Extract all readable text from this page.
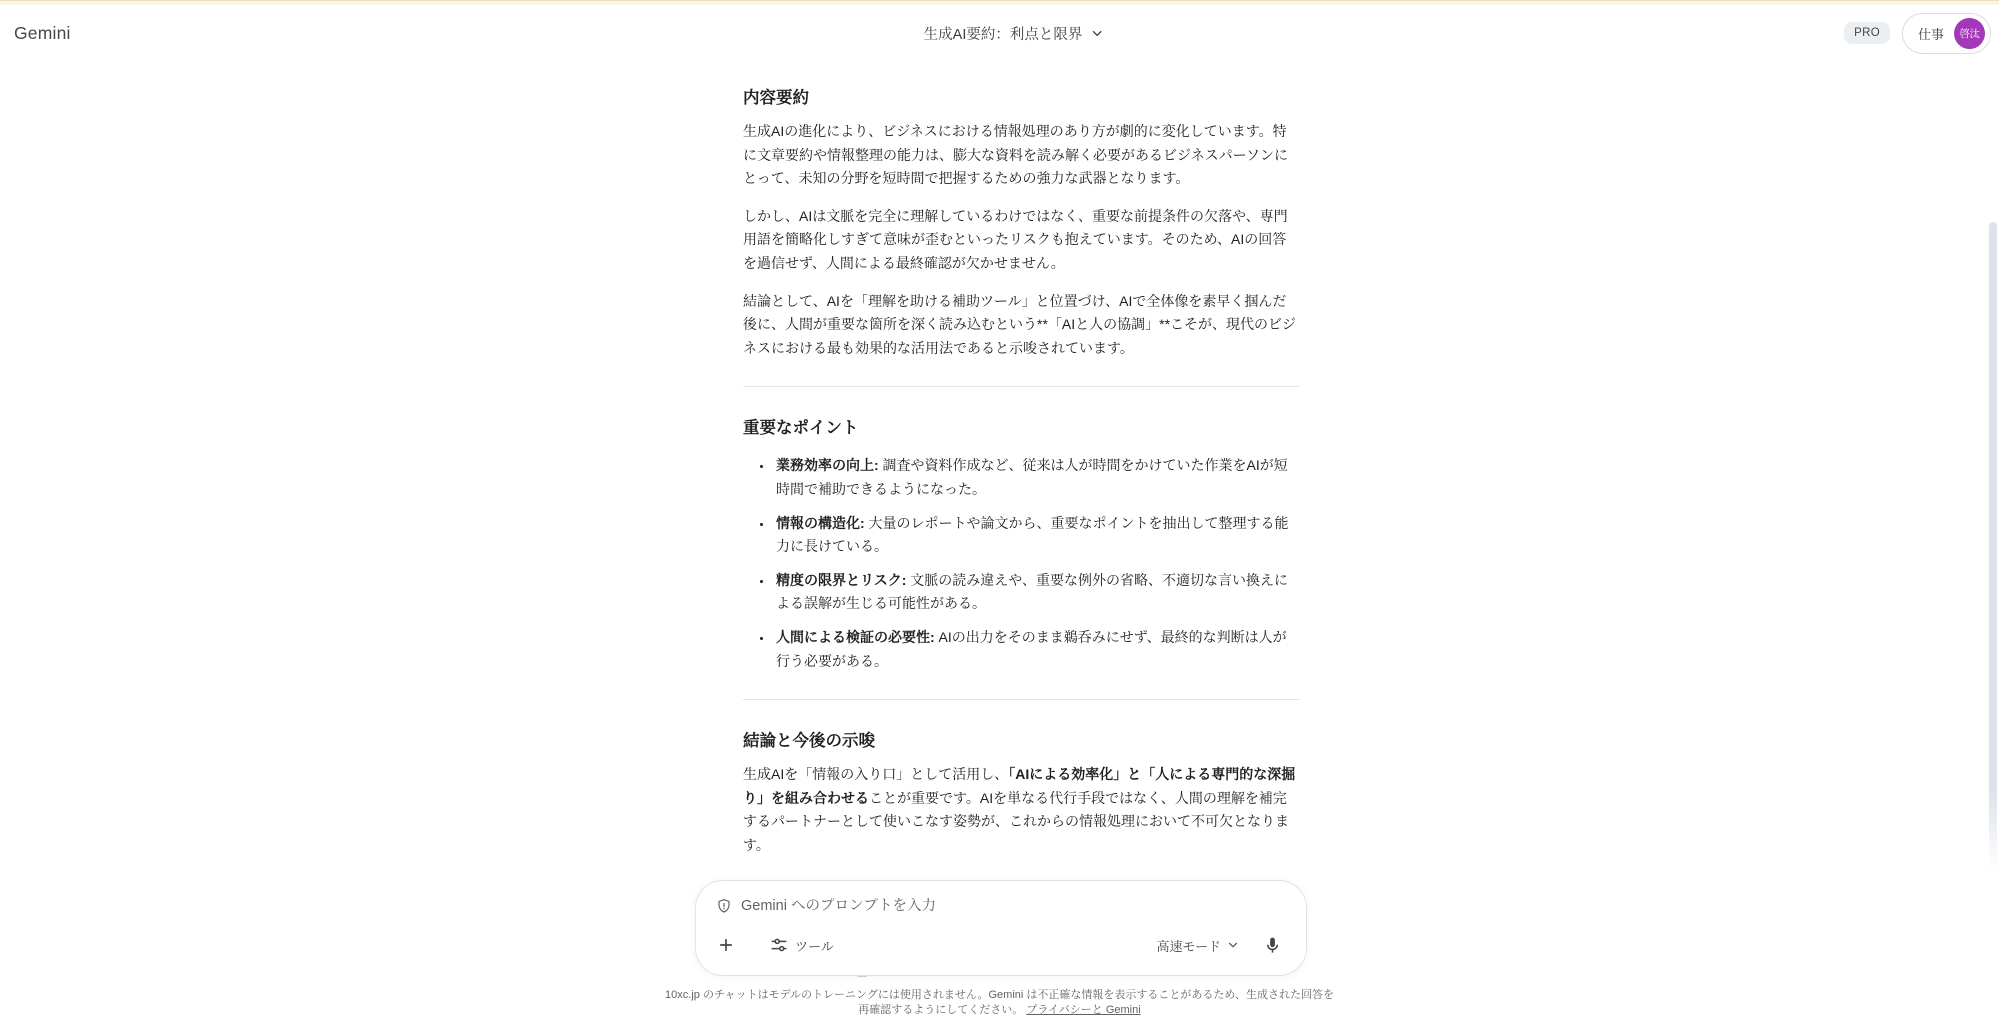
Gemini	生成AI要約：利点と限界	PRO	仕事	啓汰
内容要約

生成AIの進化により、ビジネスにおける情報処理のあり方が劇的に変化しています。特に文章要約や情報整理の能力は、膨大な資料を読み解く必要があるビジネスパーソンにとって、未知の分野を短時間で把握するための強力な武器となります。

しかし、AIは文脈を完全に理解しているわけではなく、重要な前提条件の欠落や、専門用語を簡略化しすぎて意味が歪むといったリスクも抱えています。そのため、AIの回答を過信せず、人間による最終確認が欠かせません。

結論として、AIを「理解を助ける補助ツール」と位置づけ、AIで全体像を素早く掴んだ後に、人間が重要な箇所を深く読み込むという**「AIと人の協調」**こそが、現代のビジネスにおける最も効果的な活用法であると示唆されています。

重要なポイント
• 業務効率の向上: 調査や資料作成など、従来は人が時間をかけていた作業をAIが短時間で補助できるようになった。
• 情報の構造化: 大量のレポートや論文から、重要なポイントを抽出して整理する能力に長けている。
• 精度の限界とリスク: 文脈の読み違えや、重要な例外の省略、不適切な言い換えによる誤解が生じる可能性がある。
• 人間による検証の必要性: AIの出力をそのまま鵜呑みにせず、最終的な判断は人が行う必要がある。
結論と今後の示唆

生成AIを「情報の入り口」として活用し、「AIによる効率化」と「人による専門的な深掘り」を組み合わせることが重要です。AIを単なる代行手段ではなく、人間の理解を補完するパートナーとして使いこなす姿勢が、これからの情報処理において不可欠となります。

Gemini へのプロンプトを入力
ツール	高速モード
10xc.jp のチャットはモデルのトレーニングには使用されません。Gemini は不正確な情報を表示することがあるため、生成された回答を再確認するようにしてください。 プライバシーと Gemini
